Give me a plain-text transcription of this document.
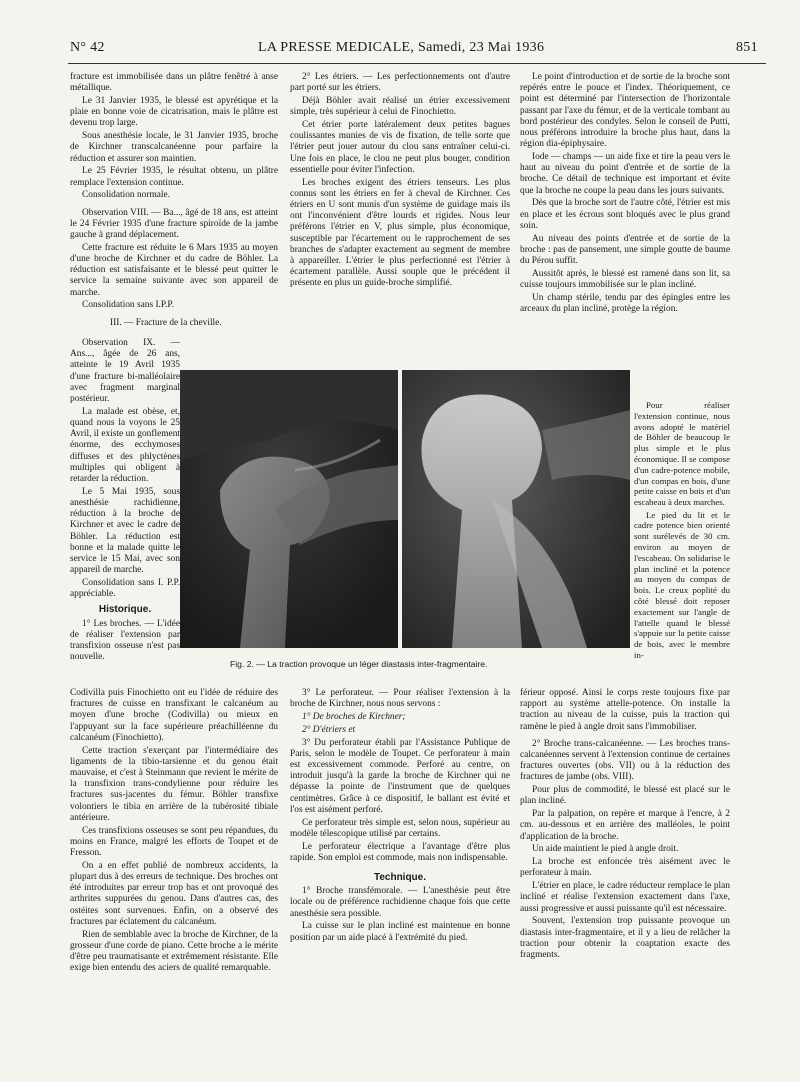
N° 42	LA PRESSE MEDICALE, Samedi, 23 Mai 1936	851

fracture est immobilisée dans un plâtre fenêtré à anse métallique.

Le 31 Janvier 1935, le blessé est apyrétique et la plaie en bonne voie de cicatrisation, mais le plâtre est devenu trop large.

Sous anesthésie locale, le 31 Janvier 1935, broche de Kirchner transcalcanéenne pour parfaire la réduction et assurer son maintien.

Le 25 Février 1935, le résultat obtenu, un plâtre remplace l'extension continue.

Consolidation normale.

Observation VIII. — Ba..., âgé de 18 ans, est atteint le 24 Février 1935 d'une fracture spiroïde de la jambe gauche à grand déplacement.

Cette fracture est réduite le 6 Mars 1935 au moyen d'une broche de Kirchner et du cadre de Böhler. La réduction est satisfaisante et le blessé peut quitter le service la semaine suivante avec son appareil de marche.

Consolidation sans I.P.P.

III. — Fracture de la cheville.

Observation IX. — Ans..., âgée de 26 ans, atteinte le 19 Avril 1935 d'une fracture bi-malléolaire avec fragment marginal postérieur.

La malade est obèse, et, quand nous la voyons le 25 Avril, il existe un gonflement énorme, des ecchymoses diffuses et des phlyctènes multiples qui obligent à retarder la réduction.

Le 5 Mai 1935, sous anesthésie rachidienne, réduction à la broche de Kirchner et avec le cadre de Böhler. La réduction est bonne et la malade quitte le service le 15 Mai, avec son appareil de marche.

Consolidation sans I. P.P. appréciable.

Historique.

1° Les broches. — L'idée de réaliser l'extension par transfixion osseuse n'est pas nouvelle.

Codivilla puis Finochietto ont eu l'idée de réduire des fractures de cuisse en transfixant le calcanéum au moyen d'une broche (Codivilla) ou mieux en l'appuyant sur la face supérieure préachilléenne du calcanéum (Finochietto).

Cette traction s'exerçant par l'intermédiaire des ligaments de la tibio-tarsienne et du genou était mauvaise, et c'est à Steinmann que revient le mérite de la transfixion trans-condylienne pour réduire les fractures sus-jacentes du fémur. Böhler transfixe volontiers le tibia en arrière de la tubérosité tibiale antérieure.

Ces transfixions osseuses se sont peu répandues, du moins en France, malgré les efforts de Toupet et de Fresson.

On a en effet publié de nombreux accidents, la plupart dus à des erreurs de technique. Des broches ont été introduites par erreur trop bas et ont provoqué des arthrites suppurées du genou. Dans d'autres cas, des ostéites sont survenues. Enfin, on a observé des fractures par éclatement du calcanéum.

Rien de semblable avec la broche de Kirchner, de la grosseur d'une corde de piano. Cette broche a le mérite d'être peu traumatisante et extrêmement résistante. Elle exige bien entendu des aciers de qualité remarquable.

2° Les étriers. — Les perfectionnements ont d'autre part porté sur les étriers.

Déjà Böhler avait réalisé un étrier excessivement simple, très supérieur à celui de Finochietto.

Cet étrier porte latéralement deux petites bagues coulissantes munies de vis de fixation, de telle sorte que l'étrier peut jouer autour du clou sans entraîner celui-ci. Une fois en place, le clou ne peut plus bouger, condition essentielle pour éviter l'infection.

Les broches exigent des étriers tenseurs. Les plus connus sont les étriers en fer à cheval de Kirchner. Ces étriers en U sont munis d'un système de guidage mais ils ont l'inconvénient d'être lourds et rigides. Nous leur préférons l'étrier en V, plus simple, plus économique, susceptible par l'écartement ou le rapprochement de ses branches de s'adapter exactement au segment de membre à appareiller. L'étrier le plus perfectionné est l'étrier à écartement parallèle. Aussi souple que le précédent il présente en plus un guide-broche simplifié.

Fig. 2. — La traction provoque un léger diastasis inter-fragmentaire.

3° Le perforateur. — Pour réaliser l'extension à la broche de Kirchner, nous nous servons :

1° De broches de Kirchner;

2° D'étriers et

3° Du perforateur établi par l'Assistance Publique de Paris, selon le modèle de Toupet. Ce perforateur à main est excessivement commode. Perforé au centre, on introduit jusqu'à la garde la broche de Kirchner qui ne dépasse la pointe de l'instrument que de quelques centimètres. Grâce à ce dispositif, le ballant est évité et l'os est aisément perforé.

Ce perforateur très simple est, selon nous, supérieur au modèle télescopique utilisé par certains.

Le perforateur électrique a l'avantage d'être plus rapide. Son emploi est commode, mais non indispensable.

Technique.

1° Broche transfémorale. — L'anesthésie peut être locale ou de préférence rachidienne chaque fois que cette anesthésie sera possible.

La cuisse sur le plan incliné est maintenue en bonne position par un aide placé à l'extrémité du pied.

Le point d'introduction et de sortie de la broche sont repérés entre le pouce et l'index. Théoriquement, ce point est déterminé par l'intersection de l'horizontale passant par l'axe du fémur, et de la verticale tombant au bord postérieur des condyles. Selon le conseil de Putti, nous préférons introduire la broche plus haut, dans la région dia-épiphysaire.

Iode — champs — un aide fixe et tire la peau vers le haut au niveau du point d'entrée et de sortie de la broche. Ce détail de technique est important et évite que la broche ne coupe la peau dans les jours suivants.

Dès que la broche sort de l'autre côté, l'étrier est mis en place et les écrous sont bloqués avec le plus grand soin.

Au niveau des points d'entrée et de sortie de la broche : pas de pansement, une simple goutte de baume du Pérou suffit.

Aussitôt après, le blessé est ramené dans son lit, sa cuisse toujours immobilisée sur le plan incliné.

Un champ stérile, tendu par des épingles entre les arceaux du plan incliné, protège la région.

Pour réaliser l'extension continue, nous avons adopté le matériel de Böhler de beaucoup le plus simple et le plus économique. Il se compose d'un cadre-potence mobile, d'un compas en bois, d'une petite caisse en bois et d'un escabeau à deux marches.

Le pied du lit et le cadre potence bien orienté sont surélevés de 30 cm. environ au moyen de l'escabeau. On solidarise le plan incliné et la potence au moyen du compas de bois. Le creux poplité du côté blessé doit reposer exactement sur l'angle de l'attelle quand le blessé s'appuie sur la petite caisse de bois, avec le membre in-

férieur opposé. Ainsi le corps reste toujours fixe par rapport au système attelle-potence. On installe la traction au niveau de la cuisse, puis la traction qui ramène le pied à angle droit sans l'immobiliser.

2° Broche trans-calcanéenne. — Les broches trans-calcanéennes servent à l'extension continue de certaines fractures ouvertes (obs. VII) ou à la réduction des fractures de jambe (obs. VIII).

Pour plus de commodité, le blessé est placé sur le plan incliné.

Par la palpation, on repère et marque à l'encre, à 2 cm. au-dessous et en arrière des malléoles, le point d'application de la broche.

Un aide maintient le pied à angle droit.

La broche est enfoncée très aisément avec le perforateur à main.

L'étrier en place, le cadre réducteur remplace le plan incliné et réalise l'extension exactement dans l'axe, aussi progressive et aussi puissante qu'il est nécessaire.

Souvent, l'extension trop puissante provoque un diastasis inter-fragmentaire, et il y a lieu de relâcher la traction pour obtenir la coaptation exacte des fragments.
